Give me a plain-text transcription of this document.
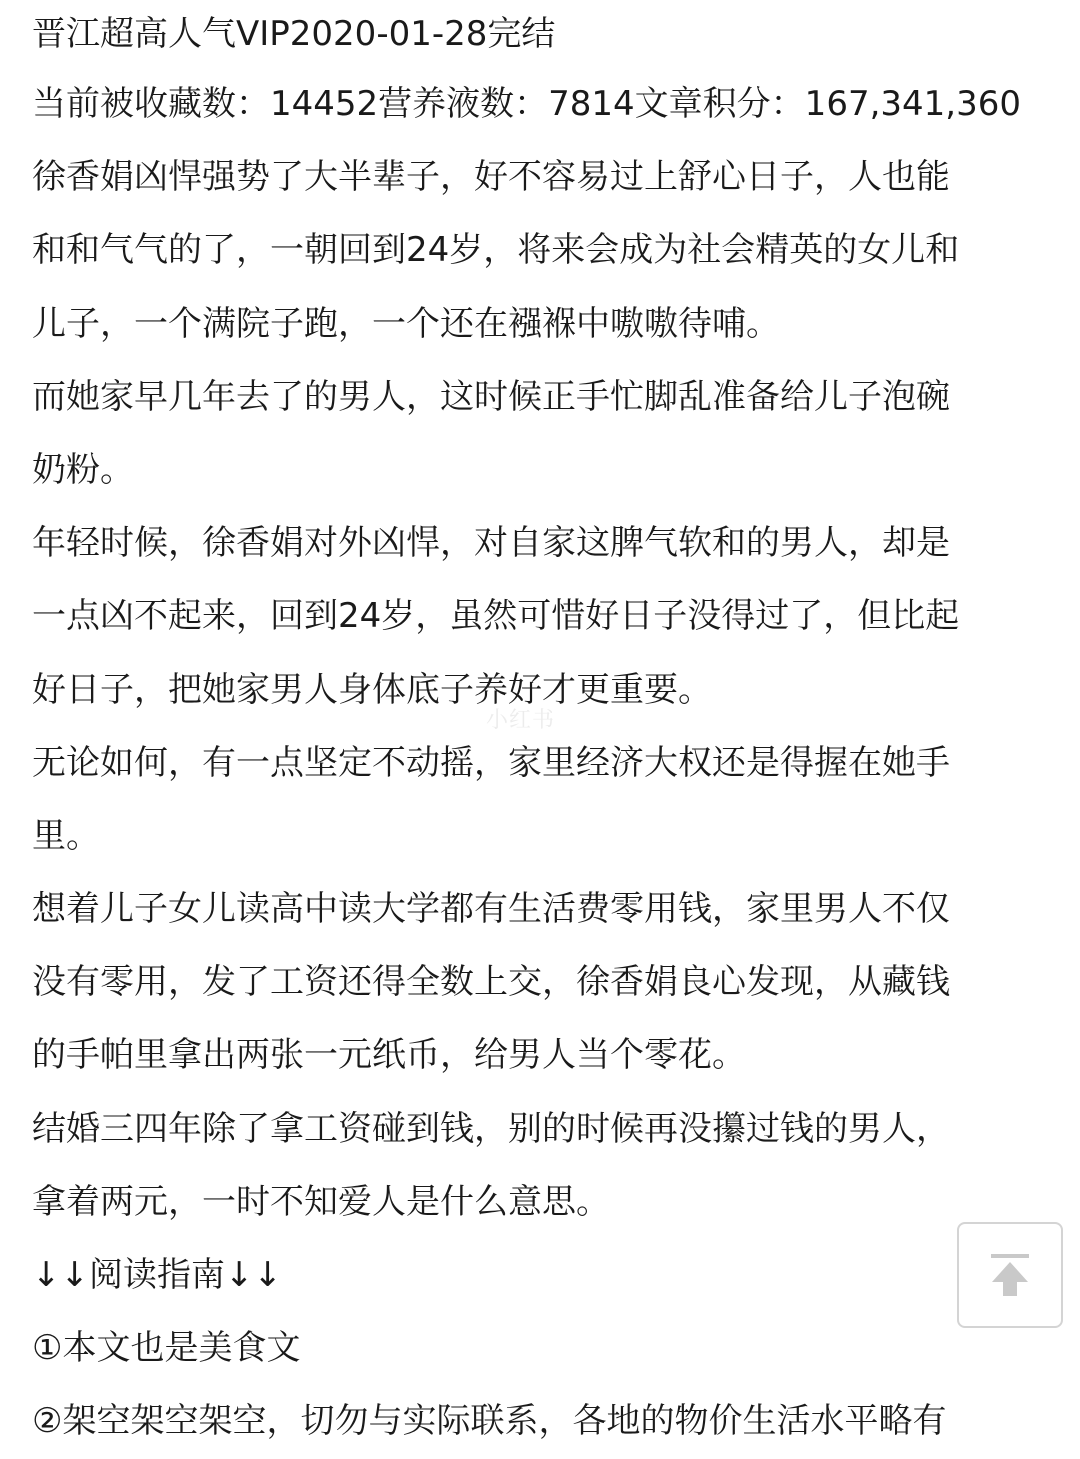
晋江超高人气VIP2020-01-28完结
当前被收藏数：14452营养液数：7814文章积分：167,341,360
徐香娟凶悍强势了大半辈子，好不容易过上舒心日子，人也能
和和气气的了，一朝回到24岁，将来会成为社会精英的女儿和
儿子，一个满院子跑，一个还在襁褓中嗷嗷待哺。
而她家早几年去了的男人，这时候正手忙脚乱准备给儿子泡碗
奶粉。
年轻时候，徐香娟对外凶悍，对自家这脾气软和的男人，却是
一点凶不起来，回到24岁，虽然可惜好日子没得过了，但比起
好日子，把她家男人身体底子养好才更重要。
无论如何，有一点坚定不动摇，家里经济大权还是得握在她手
里。
想着儿子女儿读高中读大学都有生活费零用钱，家里男人不仅
没有零用，发了工资还得全数上交，徐香娟良心发现，从藏钱
的手帕里拿出两张一元纸币，给男人当个零花。
结婚三四年除了拿工资碰到钱，别的时候再没攥过钱的男人，
拿着两元，一时不知爱人是什么意思。
↓↓阅读指南↓↓
①本文也是美食文
②架空架空架空，切勿与实际联系，各地的物价生活水平略有
小红书
